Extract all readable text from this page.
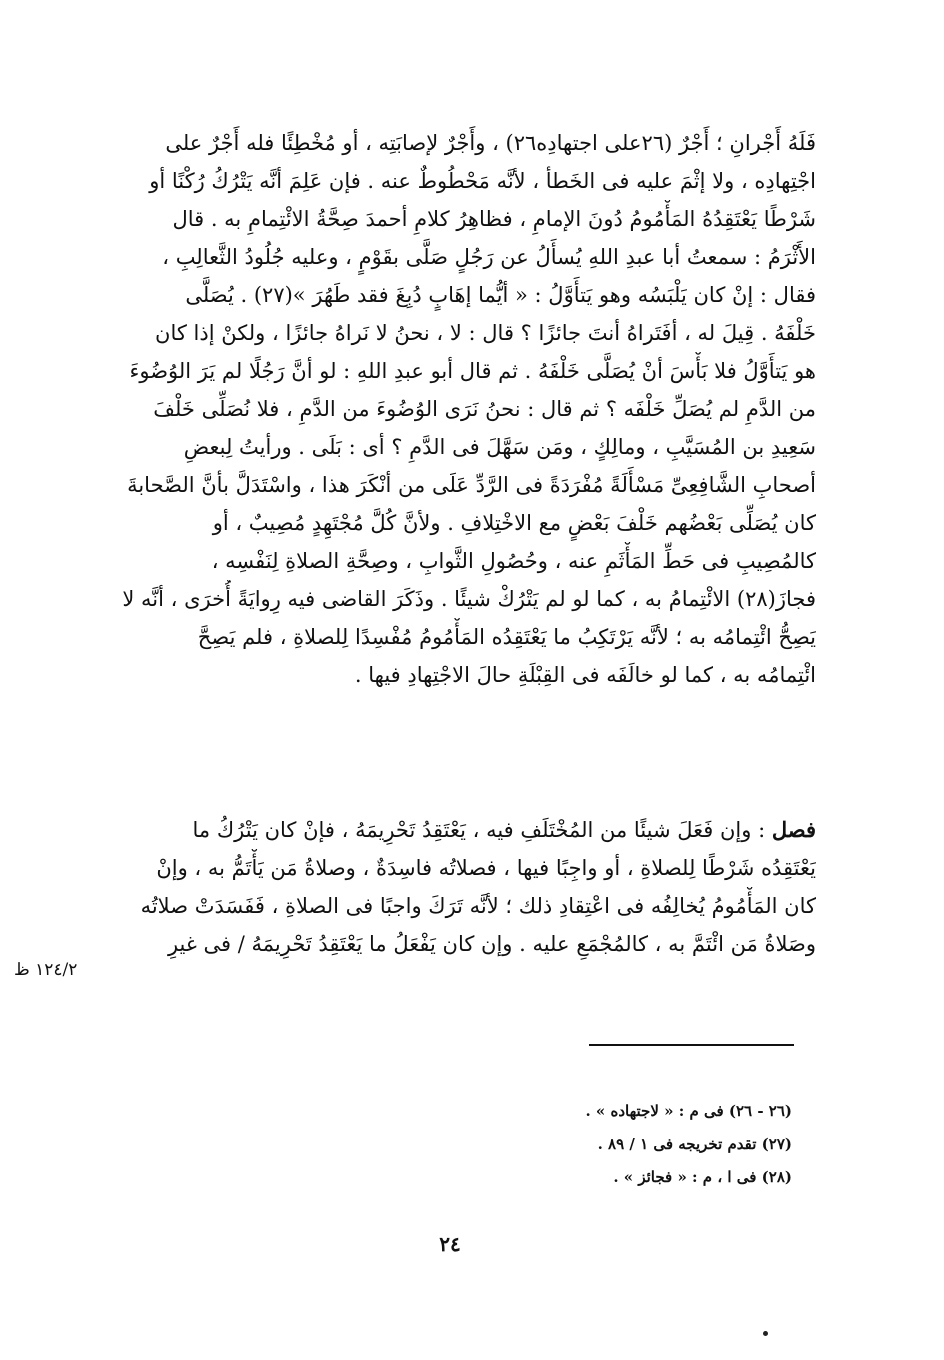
فَلَهُ أَجْرانِ ؛ أَجْرٌ (٢٦على اجتهادِه٢٦) ، وأَجْرٌ لإصابَتِه ، أو مُخْطِئًا فله أَجْرٌ على
اجْتِهادِه ، ولا إثْمَ عليه فى الخَطأ ، لأنَّه مَحْطُوطٌ عنه . فإن عَلِمَ أنَّه يَتْرُكُ رُكْنًا أو
شَرْطًا يَعْتَقِدُهُ المَأْمُومُ دُونَ الإمامِ ، فظاهِرُ كلامِ أحمدَ صِحَّةُ الائْتِمامِ به . قال
الأَثْرَمُ : سمعتُ أبا عبدِ اللهِ يُسأَلُ عن رَجُلٍ صَلَّى بقَوْمٍ ، وعليه جُلُودُ الثَّعالِبِ ،
فقال : إنْ كان يَلْبَسُه وهو يَتأَوَّلُ : « أيُّما إهَابٍ دُبِغَ فقد طَهُرَ »(٢٧) . يُصَلَّى
خَلْفَهُ . قِيلَ له ، أفَتَراهُ أنتَ جائزًا ؟ قال : لا ، نحنُ لا نَراهُ جائزًا ، ولكنْ إذا كان
هو يَتأَوَّلُ فلا بَأْسَ أنْ يُصَلَّى خَلْفَهُ . ثم قال أبو عبدِ اللهِ : لو أنَّ رَجُلًا لم يَرَ الوُضُوءَ
من الدَّمِ لم يُصَلِّ خَلْفَه ؟ ثم قال : نحنُ نَرَى الوُضُوءَ من الدَّمِ ، فلا نُصَلِّى خَلْفَ
سَعِيدِ بن المُسَيَّبِ ، ومالِكٍ ، ومَن سَهَّلَ فى الدَّمِ ؟ أى : بَلَى . ورأيتُ لِبعضِ
أصحابِ الشَّافِعِىِّ مَسْأَلَةً مُفْرَدَةً فى الرَّدِّ عَلَى من أنْكَرَ هذا ، واسْتَدَلَّ بأنَّ الصَّحابةَ
كان يُصَلِّى بَعْضُهم خَلْفَ بَعْضٍ مع الاخْتِلافِ . ولأنَّ كُلَّ مُجْتَهِدٍ مُصِيبٌ ، أو
كالمُصِيبِ فى حَطِّ المَأْثَمِ عنه ، وحُصُولِ الثَّوابِ ، وصِحَّةِ الصلاةِ لِنَفْسِه ،
فجازَ(٢٨) الائْتِمامُ به ، كما لو لم يَتْرُكْ شيئًا . وذَكَرَ القاضى فيه رِوايَةً أُخرَى ، أنَّه لا
يَصِحُّ ائْتِمامُه به ؛ لأنَّه يَرْتَكِبُ ما يَعْتَقِدُه المَأْمُومُ مُفْسِدًا لِلصلاةِ ، فلم يَصِحَّ
ائْتِمامُه به ، كما لو خالَفَه فى القِبْلَةِ حالَ الاجْتِهادِ فيها .
فصل : وإن فَعَلَ شيئًا من المُخْتَلَفِ فيه ، يَعْتَقِدُ تَحْرِيمَهُ ، فإنْ كان يَتْرُكُ ما
يَعْتَقِدُه شَرْطًا لِلصلاةِ ، أو واجِبًا فيها ، فصلاتُه فاسِدَةٌ ، وصلاةُ مَن يَأْتَمُّ به ، وإنْ
كان المَأْمُومُ يُخالِفُه فى اعْتِقادِ ذلك ؛ لأنَّه تَرَكَ واجبًا فى الصلاةِ ، فَفَسَدَتْ صلاتُه
وصَلاةُ مَن ائْتَمَّ به ، كالمُجْمَعِ عليه . وإن كان يَفْعَلُ ما يَعْتَقِدُ تَحْرِيمَهُ / فى غيرِ
١٢٤/٢ ظ
(٢٦ - ٢٦) فى م : « لاجتهاده » .
(٢٧) تقدم تخريجه فى ١ / ٨٩ .
(٢٨) فى ا ، م : « فجائز » .
٢٤
